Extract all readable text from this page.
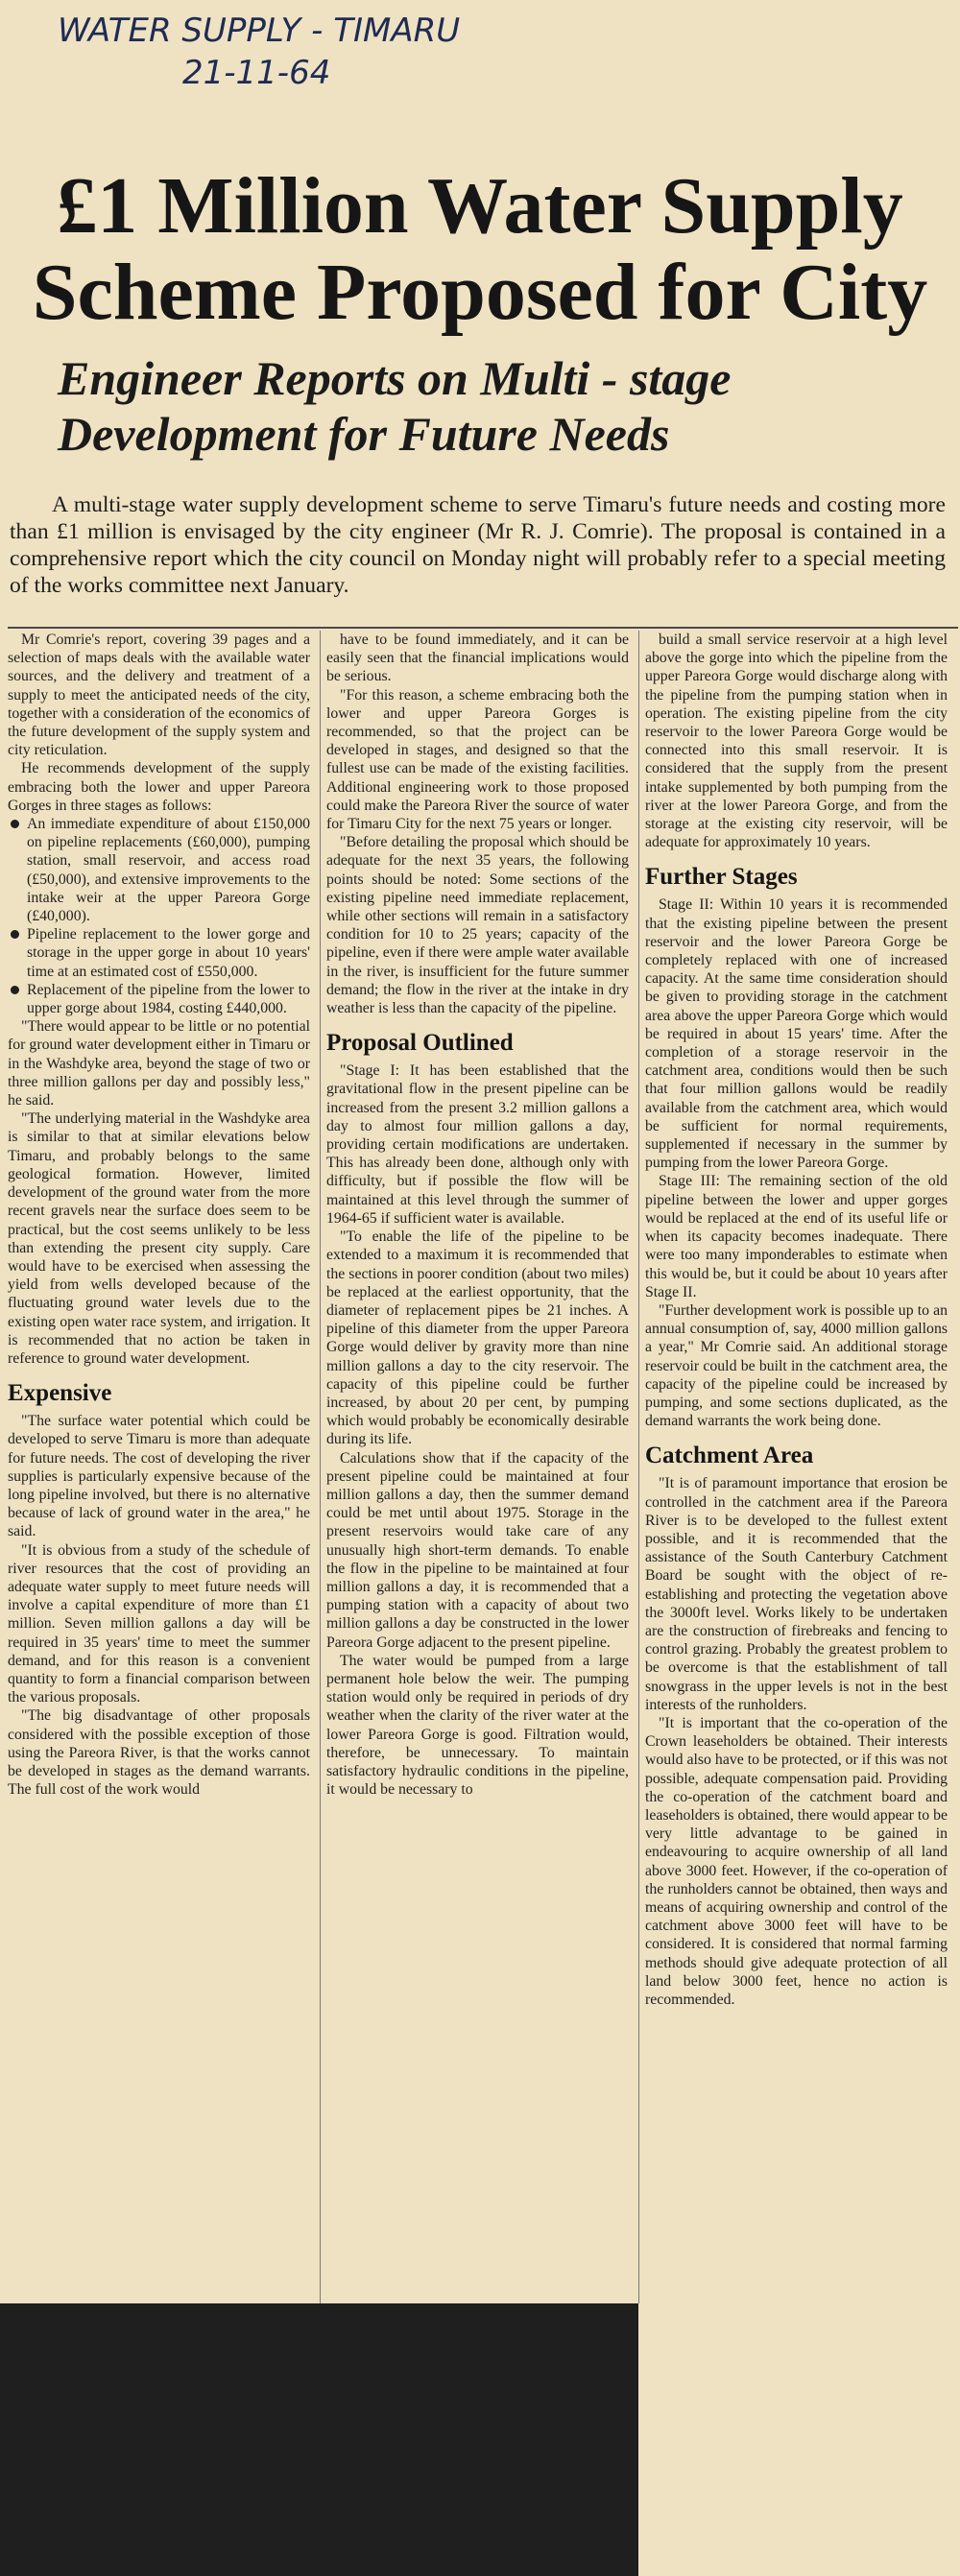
WATER SUPPLY - TIMARU
21-11-64
£1 Million Water Supply
Scheme Proposed for City
Engineer Reports on Multi - stage
Development for Future Needs
A multi-stage water supply development scheme to serve Timaru's future needs and costing more than £1 million is envisaged by the city engineer (Mr R. J. Comrie). The proposal is contained in a comprehensive report which the city council on Monday night will probably refer to a special meeting of the works committee next January.

Mr Comrie's report, covering 39 pages and a selection of maps deals with the available water sources, and the delivery and treatment of a supply to meet the anticipated needs of the city, together with a consideration of the economics of the future development of the supply system and city reticulation.

He recommends development of the supply embracing both the lower and upper Pareora Gorges in three stages as follows:

An immediate expenditure of about £150,000 on pipeline replacements (£60,000), pumping station, small reservoir, and access road (£50,000), and extensive improvements to the intake weir at the upper Pareora Gorge (£40,000).
Pipeline replacement to the lower gorge and storage in the upper gorge in about 10 years' time at an estimated cost of £550,000.
Replacement of the pipeline from the lower to upper gorge about 1984, costing £440,000.

"There would appear to be little or no potential for ground water development either in Timaru or in the Washdyke area, beyond the stage of two or three million gallons per day and possibly less," he said.

"The underlying material in the Washdyke area is similar to that at similar elevations below Timaru, and probably belongs to the same geological formation. However, limited development of the ground water from the more recent gravels near the surface does seem to be practical, but the cost seems unlikely to be less than extending the present city supply. Care would have to be exercised when assessing the yield from wells developed because of the fluctuating ground water levels due to the existing open water race system, and irrigation. It is recommended that no action be taken in reference to ground water development.

Expensive

"The surface water potential which could be developed to serve Timaru is more than adequate for future needs. The cost of developing the river supplies is particularly expensive because of the long pipeline involved, but there is no alternative because of lack of ground water in the area," he said.

"It is obvious from a study of the schedule of river resources that the cost of providing an adequate water supply to meet future needs will involve a capital expenditure of more than £1 million. Seven million gallons a day will be required in 35 years' time to meet the summer demand, and for this reason is a convenient quantity to form a financial comparison between the various proposals.

"The big disadvantage of other proposals considered with the possible exception of those using the Pareora River, is that the works cannot be developed in stages as the demand warrants. The full cost of the work would

have to be found immediately, and it can be easily seen that the financial implications would be serious.

"For this reason, a scheme embracing both the lower and upper Pareora Gorges is recommended, so that the project can be developed in stages, and designed so that the fullest use can be made of the existing facilities. Additional engineering work to those proposed could make the Pareora River the source of water for Timaru City for the next 75 years or longer.

"Before detailing the proposal which should be adequate for the next 35 years, the following points should be noted: Some sections of the existing pipeline need immediate replacement, while other sections will remain in a satisfactory condition for 10 to 25 years; capacity of the pipeline, even if there were ample water available in the river, is insufficient for the future summer demand; the flow in the river at the intake in dry weather is less than the capacity of the pipeline.

Proposal Outlined

"Stage I: It has been established that the gravitational flow in the present pipeline can be increased from the present 3.2 million gallons a day to almost four million gallons a day, providing certain modifications are undertaken. This has already been done, although only with difficulty, but if possible the flow will be maintained at this level through the summer of 1964-65 if sufficient water is available.

"To enable the life of the pipeline to be extended to a maximum it is recommended that the sections in poorer condition (about two miles) be replaced at the earliest opportunity, that the diameter of replacement pipes be 21 inches. A pipeline of this diameter from the upper Pareora Gorge would deliver by gravity more than nine million gallons a day to the city reservoir. The capacity of this pipeline could be further increased, by about 20 per cent, by pumping which would probably be economically desirable during its life.

Calculations show that if the capacity of the present pipeline could be maintained at four million gallons a day, then the summer demand could be met until about 1975. Storage in the present reservoirs would take care of any unusually high short-term demands. To enable the flow in the pipeline to be maintained at four million gallons a day, it is recommended that a pumping station with a capacity of about two million gallons a day be constructed in the lower Pareora Gorge adjacent to the present pipeline.

The water would be pumped from a large permanent hole below the weir. The pumping station would only be required in periods of dry weather when the clarity of the river water at the lower Pareora Gorge is good. Filtration would, therefore, be unnecessary. To maintain satisfactory hydraulic conditions in the pipeline, it would be necessary to

build a small service reservoir at a high level above the gorge into which the pipeline from the upper Pareora Gorge would discharge along with the pipeline from the pumping station when in operation. The existing pipeline from the city reservoir to the lower Pareora Gorge would be connected into this small reservoir. It is considered that the supply from the present intake supplemented by both pumping from the river at the lower Pareora Gorge, and from the storage at the existing city reservoir, will be adequate for approximately 10 years.

Further Stages

Stage II: Within 10 years it is recommended that the existing pipeline between the present reservoir and the lower Pareora Gorge be completely replaced with one of increased capacity. At the same time consideration should be given to providing storage in the catchment area above the upper Pareora Gorge which would be required in about 15 years' time. After the completion of a storage reservoir in the catchment area, conditions would then be such that four million gallons would be readily available from the catchment area, which would be sufficient for normal requirements, supplemented if necessary in the summer by pumping from the lower Pareora Gorge.

Stage III: The remaining section of the old pipeline between the lower and upper gorges would be replaced at the end of its useful life or when its capacity becomes inadequate. There were too many imponderables to estimate when this would be, but it could be about 10 years after Stage II.

"Further development work is possible up to an annual consumption of, say, 4000 million gallons a year," Mr Comrie said. An additional storage reservoir could be built in the catchment area, the capacity of the pipeline could be increased by pumping, and some sections duplicated, as the demand warrants the work being done.

Catchment Area

"It is of paramount importance that erosion be controlled in the catchment area if the Pareora River is to be developed to the fullest extent possible, and it is recommended that the assistance of the South Canterbury Catchment Board be sought with the object of re-establishing and protecting the vegetation above the 3000ft level. Works likely to be undertaken are the construction of firebreaks and fencing to control grazing. Probably the greatest problem to be overcome is that the establishment of tall snowgrass in the upper levels is not in the best interests of the runholders.

"It is important that the co-operation of the Crown leaseholders be obtained. Their interests would also have to be protected, or if this was not possible, adequate compensation paid. Providing the co-operation of the catchment board and leaseholders is obtained, there would appear to be very little advantage to be gained in endeavouring to acquire ownership of all land above 3000 feet. However, if the co-operation of the runholders cannot be obtained, then ways and means of acquiring ownership and control of the catchment above 3000 feet will have to be considered. It is considered that normal farming methods should give adequate protection of all land below 3000 feet, hence no action is recommended.
